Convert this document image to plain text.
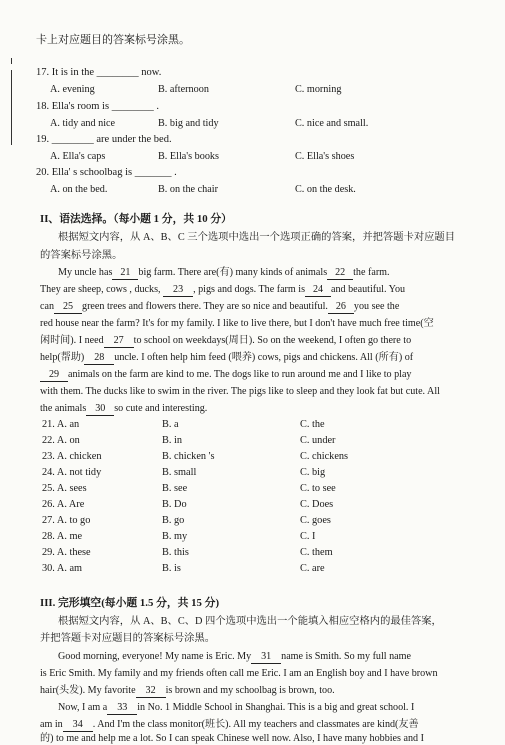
卡上对应题目的答案标号涂黑。
17. It is in the ________ now.
A. evening	B. afternoon	C. morning
18. Ella's room is ________ .
A. tidy and nice	B. big and tidy	C. nice and small.
19. ________ are under the bed.
A. Ella's caps	B. Ella's books	C. Ella's shoes
20. Ella' s schoolbag is _______ .
A. on the bed.	B. on the chair	C. on the desk.
II、语法选择。（每小题 1 分，共 10 分）
根据短文内容，从 A、B、C 三个选项中选出一个选项正确的答案，并把答题卡对应题目
的答案标号涂黑。
My uncle has 21 big farm. There are(有) many kinds of animals 22 the farm.
They are sheep, cows , ducks, 23 , pigs and dogs. The farm is 24 and beautiful. You
can 25 green trees and flowers there. They are so nice and beautiful. 26 you see the
red house near the farm? It's for my family. I like to live there, but I don't have much free time(空
闲时间). I need 27 to school on weekdays(周日). So on the weekend, I often go there to
help(帮助) 28 uncle. I often help him feed (喂养) cows, pigs and chickens. All (所有) of
29 animals on the farm are kind to me. The dogs like to run around me and I like to play
with them. The ducks like to swim in the river. The pigs like to sleep and they look fat but cute. All
the animals 30 so cute and interesting.
21. A. an	B. a	C. the
22. A. on	B. in	C. under
23. A. chicken	B. chicken 's	C. chickens
24. A. not tidy	B. small	C. big
25. A. sees	B. see	C. to see
26. A. Are	B. Do	C. Does
27. A. to go	B. go	C. goes
28. A. me	B. my	C. I
29. A. these	B. this	C. them
30. A. am	B. is	C. are
III. 完形填空(每小题 1.5 分，共 15 分)
根据短文内容，从 A、B、C、D 四个选项中选出一个能填入相应空格内的最佳答案，
并把答题卡对应题目的答案标号涂黑。
Good morning, everyone! My name is Eric. My 31 name is Smith. So my full name
is Eric Smith. My family and my friends often call me Eric. I am an English boy and I have brown
hair(头发). My favorite 32 is brown and my schoolbag is brown, too.
Now, I am a 33 in No. 1 Middle School in Shanghai. This is a big and great school. I
am in 34 . And I'm the class monitor(班长). All my teachers and classmates are kind(友善
的) to me and help me a lot. So I can speak Chinese well now. Also, I have many hobbies and I
